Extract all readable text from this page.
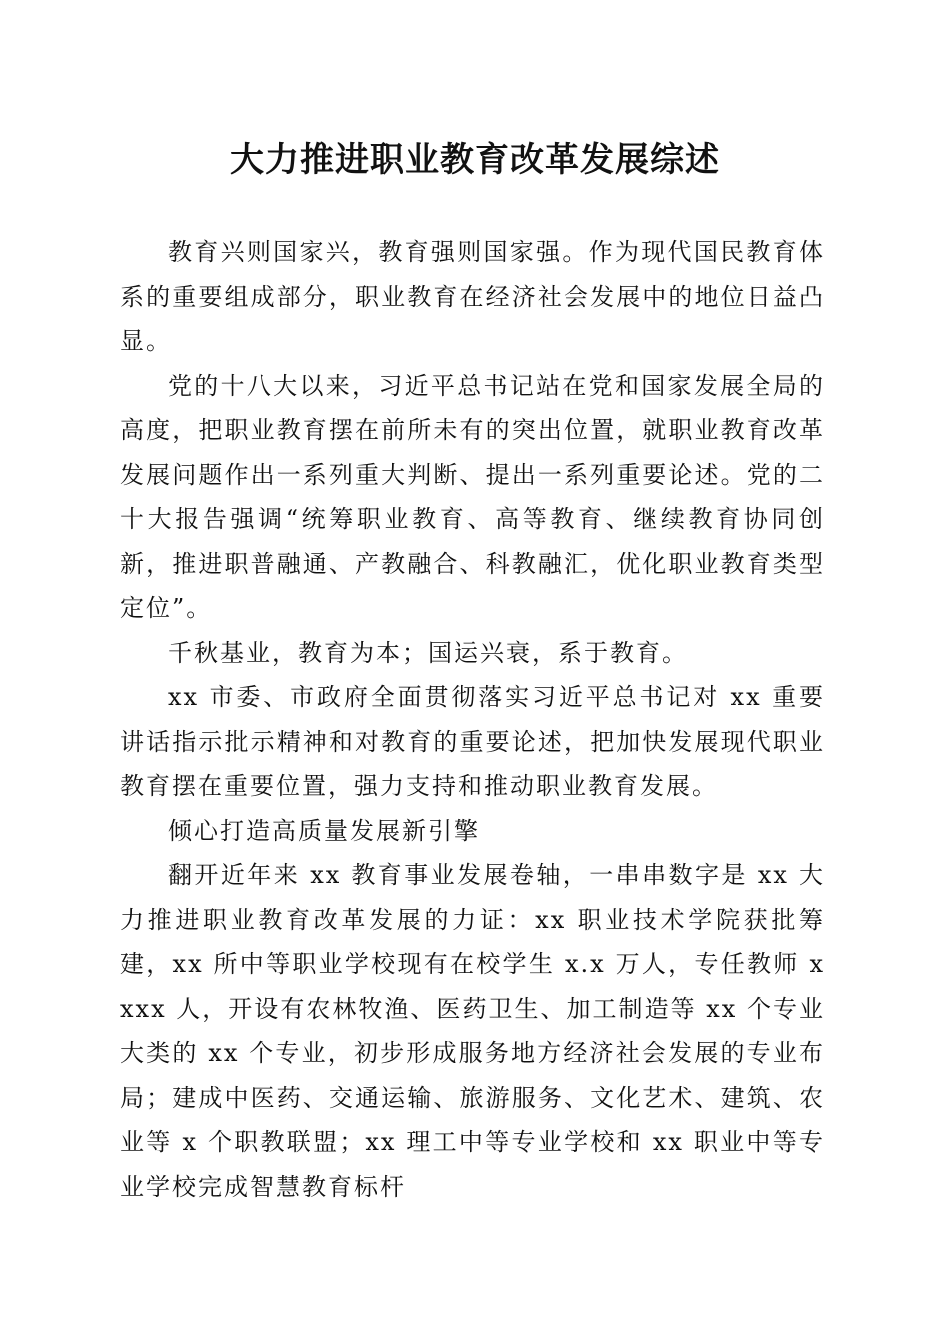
大力推进职业教育改革发展综述

教育兴则国家兴，教育强则国家强。作为现代国民教育体系的重要组成部分，职业教育在经济社会发展中的地位日益凸显。

党的十八大以来，习近平总书记站在党和国家发展全局的高度，把职业教育摆在前所未有的突出位置，就职业教育改革发展问题作出一系列重大判断、提出一系列重要论述。党的二十大报告强调“统筹职业教育、高等教育、继续教育协同创新，推进职普融通、产教融合、科教融汇，优化职业教育类型定位”。

千秋基业，教育为本；国运兴衰，系于教育。

xx 市委、市政府全面贯彻落实习近平总书记对 xx 重要讲话指示批示精神和对教育的重要论述，把加快发展现代职业教育摆在重要位置，强力支持和推动职业教育发展。

倾心打造高质量发展新引擎

翻开近年来 xx 教育事业发展卷轴，一串串数字是 xx 大力推进职业教育改革发展的力证：xx 职业技术学院获批筹建，xx 所中等职业学校现有在校学生 x.x 万人，专任教师 xxxx 人，开设有农林牧渔、医药卫生、加工制造等 xx 个专业大类的 xx 个专业，初步形成服务地方经济社会发展的专业布局；建成中医药、交通运输、旅游服务、文化艺术、建筑、农业等 x 个职教联盟；xx 理工中等专业学校和 xx 职业中等专业学校完成智慧教育标杆
